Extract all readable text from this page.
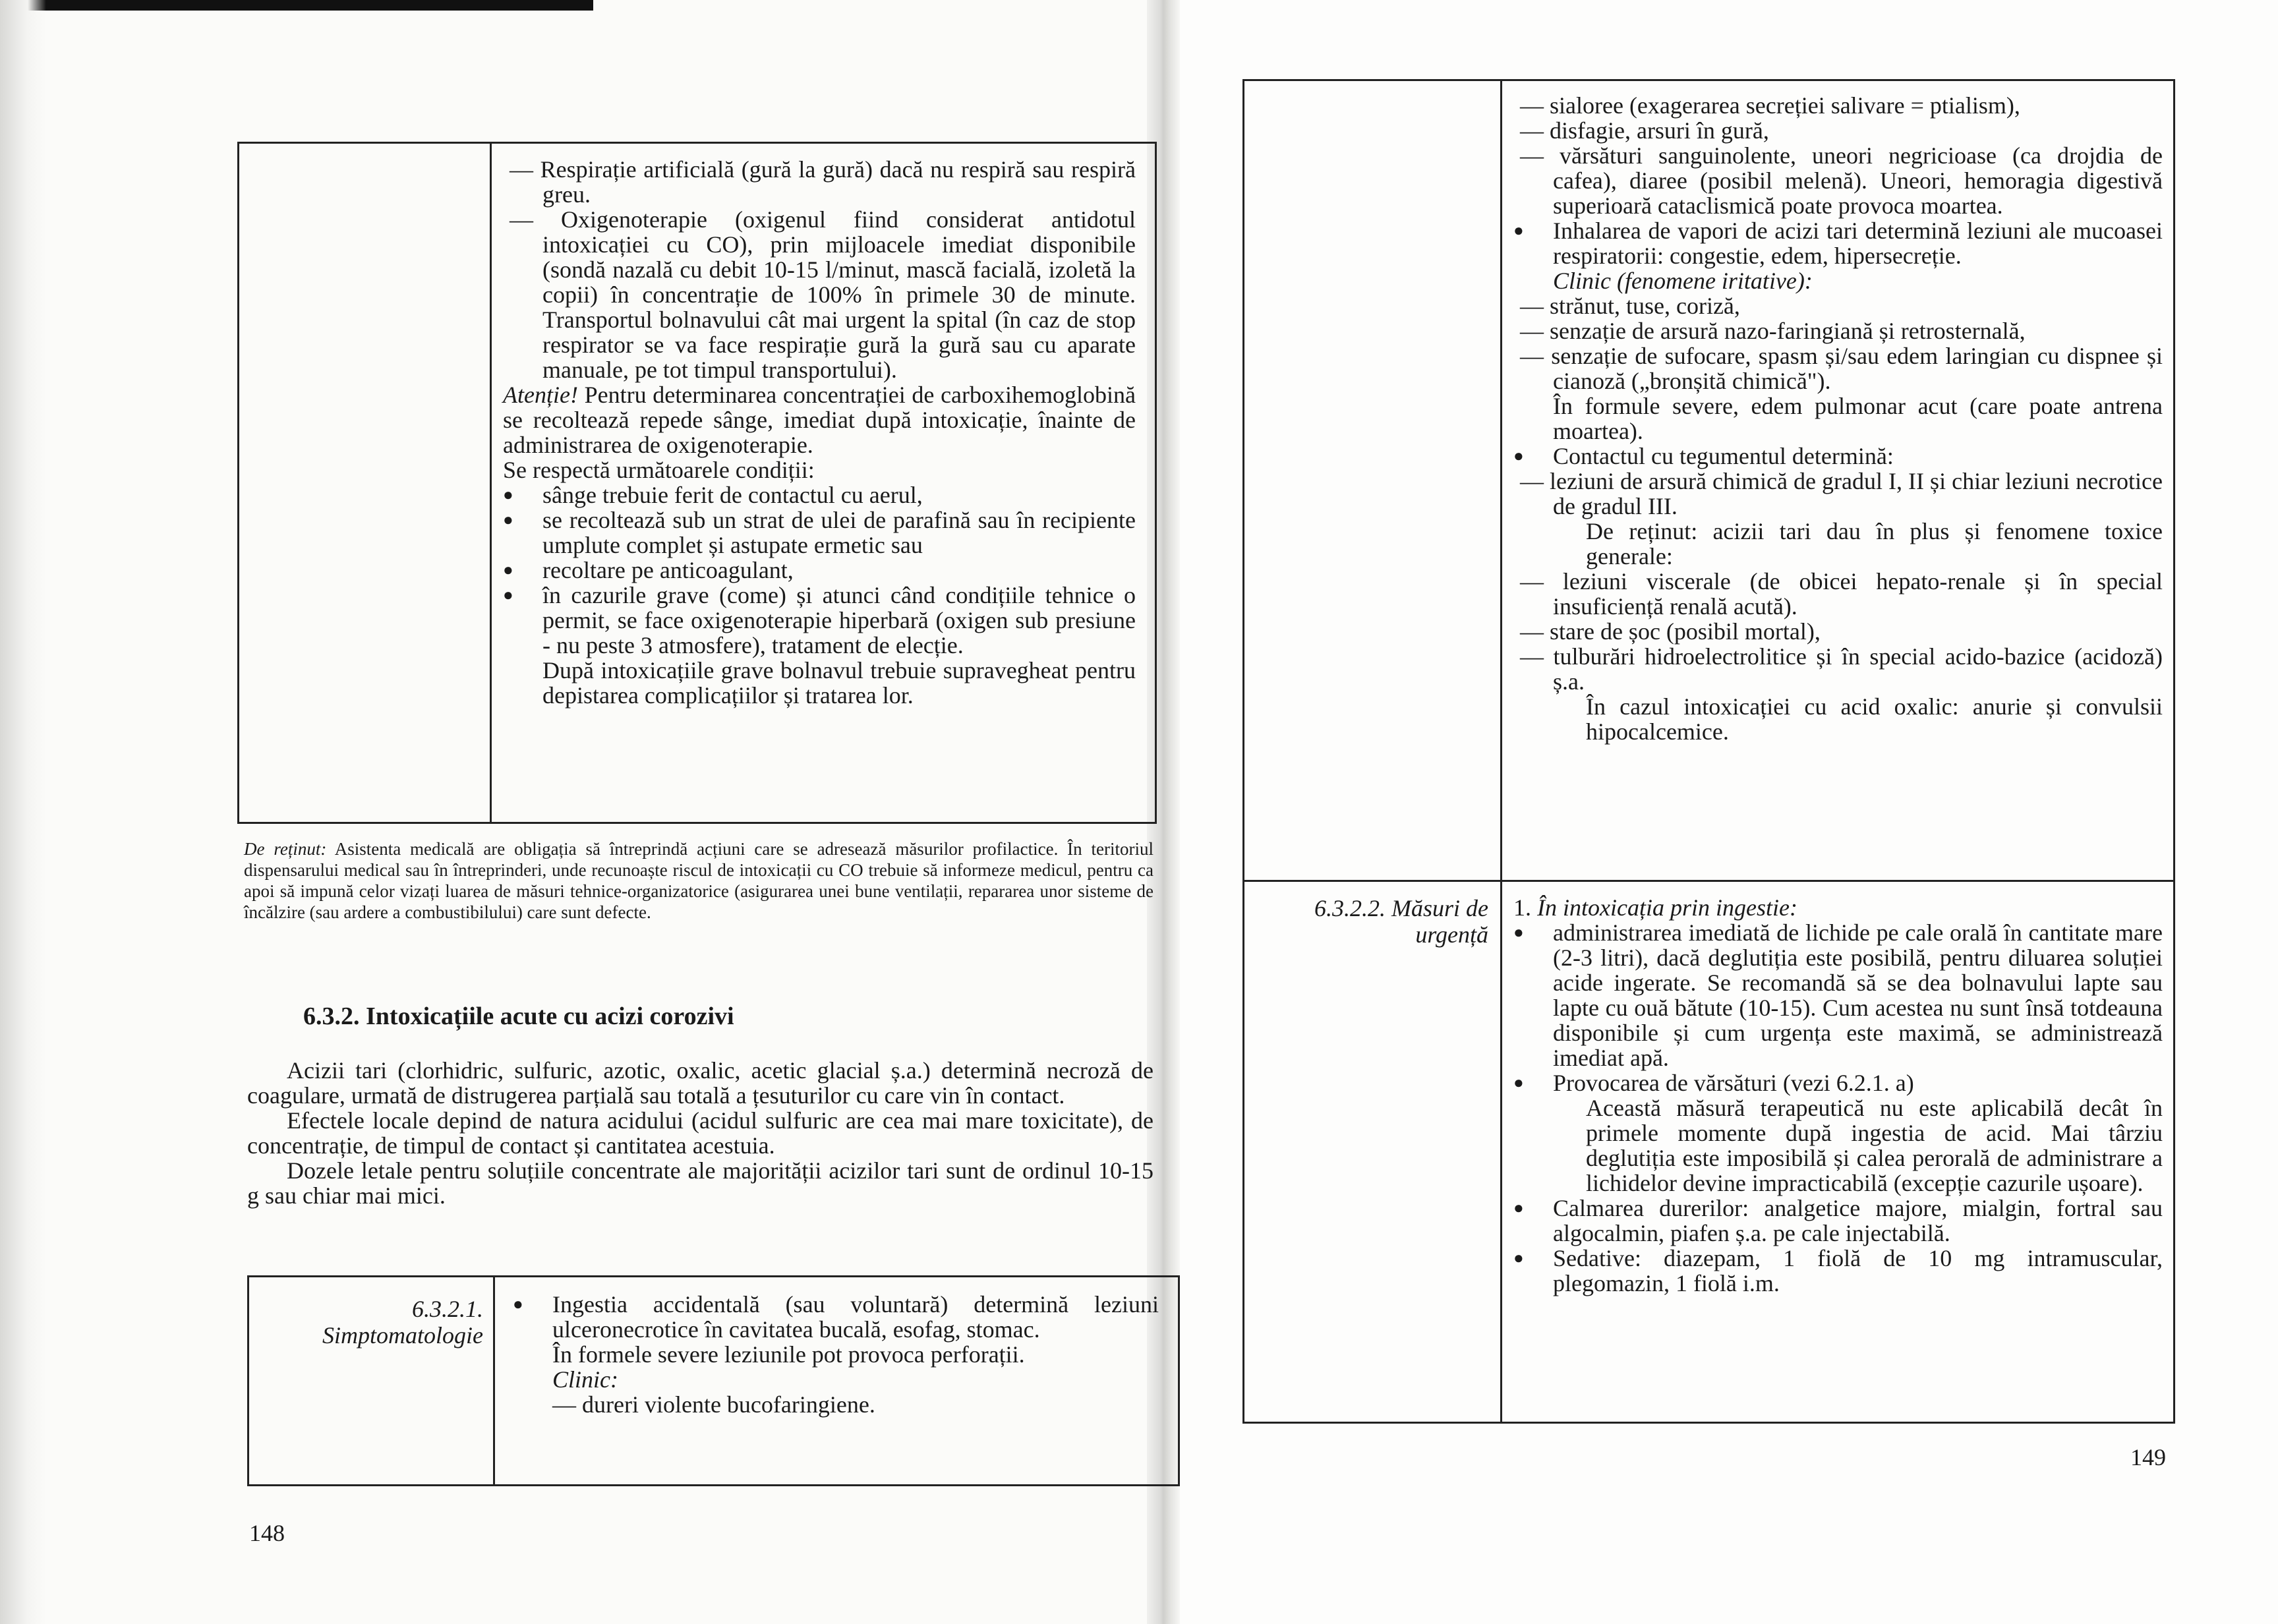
— Respirație artificială (gură la gură) dacă nu respiră sau respiră greu.

— Oxigenoterapie (oxigenul fiind considerat antidotul intoxicației cu CO), prin mijloacele imediat disponibile (sondă nazală cu debit 10-15 l/minut, mască facială, izoletă la copii) în concentrație de 100% în primele 30 de minute. Transportul bolnavului cât mai urgent la spital (în caz de stop respirator se va face respirație gură la gură sau cu aparate manuale, pe tot timpul transportului).

Atenție! Pentru determinarea concentrației de carboxihemoglobină se recoltează repede sânge, imediat după intoxicație, înainte de administrarea de oxigenoterapie.

Se respectă următoarele condiții:

● sânge trebuie ferit de contactul cu aerul,

● se recoltează sub un strat de ulei de parafină sau în recipiente umplute complet și astupate ermetic sau

● recoltare pe anticoagulant,

● în cazurile grave (come) și atunci când condițiile tehnice o permit, se face oxigenoterapie hiperbară (oxigen sub presiune - nu peste 3 atmosfere), tratament de elecție.

După intoxicațiile grave bolnavul trebuie supravegheat pentru depistarea complicațiilor și tratarea lor.

De reținut: Asistenta medicală are obligația să întreprindă acțiuni care se adresează măsurilor profilactice. În teritoriul dispensarului medical sau în întreprinderi, unde recunoaște riscul de intoxicații cu CO trebuie să informeze medicul, pentru ca apoi să impună celor vizați luarea de măsuri tehnice-organizatorice (asigurarea unei bune ventilații, repararea unor sisteme de încălzire (sau ardere a combustibilului) care sunt defecte.
6.3.2. Intoxicațiile acute cu acizi corozivi

Acizii tari (clorhidric, sulfuric, azotic, oxalic, acetic glacial ș.a.) determină necroză de coagulare, urmată de distrugerea parțială sau totală a țesuturilor cu care vin în contact.

Efectele locale depind de natura acidului (acidul sulfuric are cea mai mare toxicitate), de concentrație, de timpul de contact și cantitatea acestuia.

Dozele letale pentru soluțiile concentrate ale majorității acizilor tari sunt de ordinul 10-15 g sau chiar mai mici.

6.3.2.1. Simptomatologie

● Ingestia accidentală (sau voluntară) determină leziuni ulceronecrotice în cavitatea bucală, esofag, stomac.

În formele severe leziunile pot provoca perforații.

Clinic:

— dureri violente bucofaringiene.

148

— sialoree (exagerarea secreției salivare = ptialism),

— disfagie, arsuri în gură,

— vărsături sanguinolente, uneori negricioase (ca drojdia de cafea), diaree (posibil melenă). Uneori, hemoragia digestivă superioară cataclismică poate provoca moartea.

● Inhalarea de vapori de acizi tari determină leziuni ale mucoasei respiratorii: congestie, edem, hipersecreție.

Clinic (fenomene iritative):

— strănut, tuse, coriză,

— senzație de arsură nazo-faringiană și retrosternală,

— senzație de sufocare, spasm și/sau edem laringian cu dispnee și cianoză („bronșită chimică").

În formule severe, edem pulmonar acut (care poate antrena moartea).

● Contactul cu tegumentul determină:

— leziuni de arsură chimică de gradul I, II și chiar leziuni necrotice de gradul III.

De reținut: acizii tari dau în plus și fenomene toxice generale:

— leziuni viscerale (de obicei hepato-renale și în special insuficiență renală acută).

— stare de șoc (posibil mortal),

— tulburări hidroelectrolitice și în special acido-bazice (acidoză) ș.a.

În cazul intoxicației cu acid oxalic: anurie și convulsii hipocalcemice.

6.3.2.2. Măsuri de urgență

1. În intoxicația prin ingestie:

● administrarea imediată de lichide pe cale orală în cantitate mare (2-3 litri), dacă deglutiția este posibilă, pentru diluarea soluției acide ingerate. Se recomandă să se dea bolnavului lapte sau lapte cu ouă bătute (10-15). Cum acestea nu sunt însă totdeauna disponibile și cum urgența este maximă, se administrează imediat apă.

● Provocarea de vărsături (vezi 6.2.1. a)

Această măsură terapeutică nu este aplicabilă decât în primele momente după ingestia de acid. Mai târziu deglutiția este imposibilă și calea perorală de administrare a lichidelor devine impracticabilă (excepție cazurile ușoare).

● Calmarea durerilor: analgetice majore, mialgin, fortral sau algocalmin, piafen ș.a. pe cale injectabilă.

● Sedative: diazepam, 1 fiolă de 10 mg intramuscular, plegomazin, 1 fiolă i.m.

149
